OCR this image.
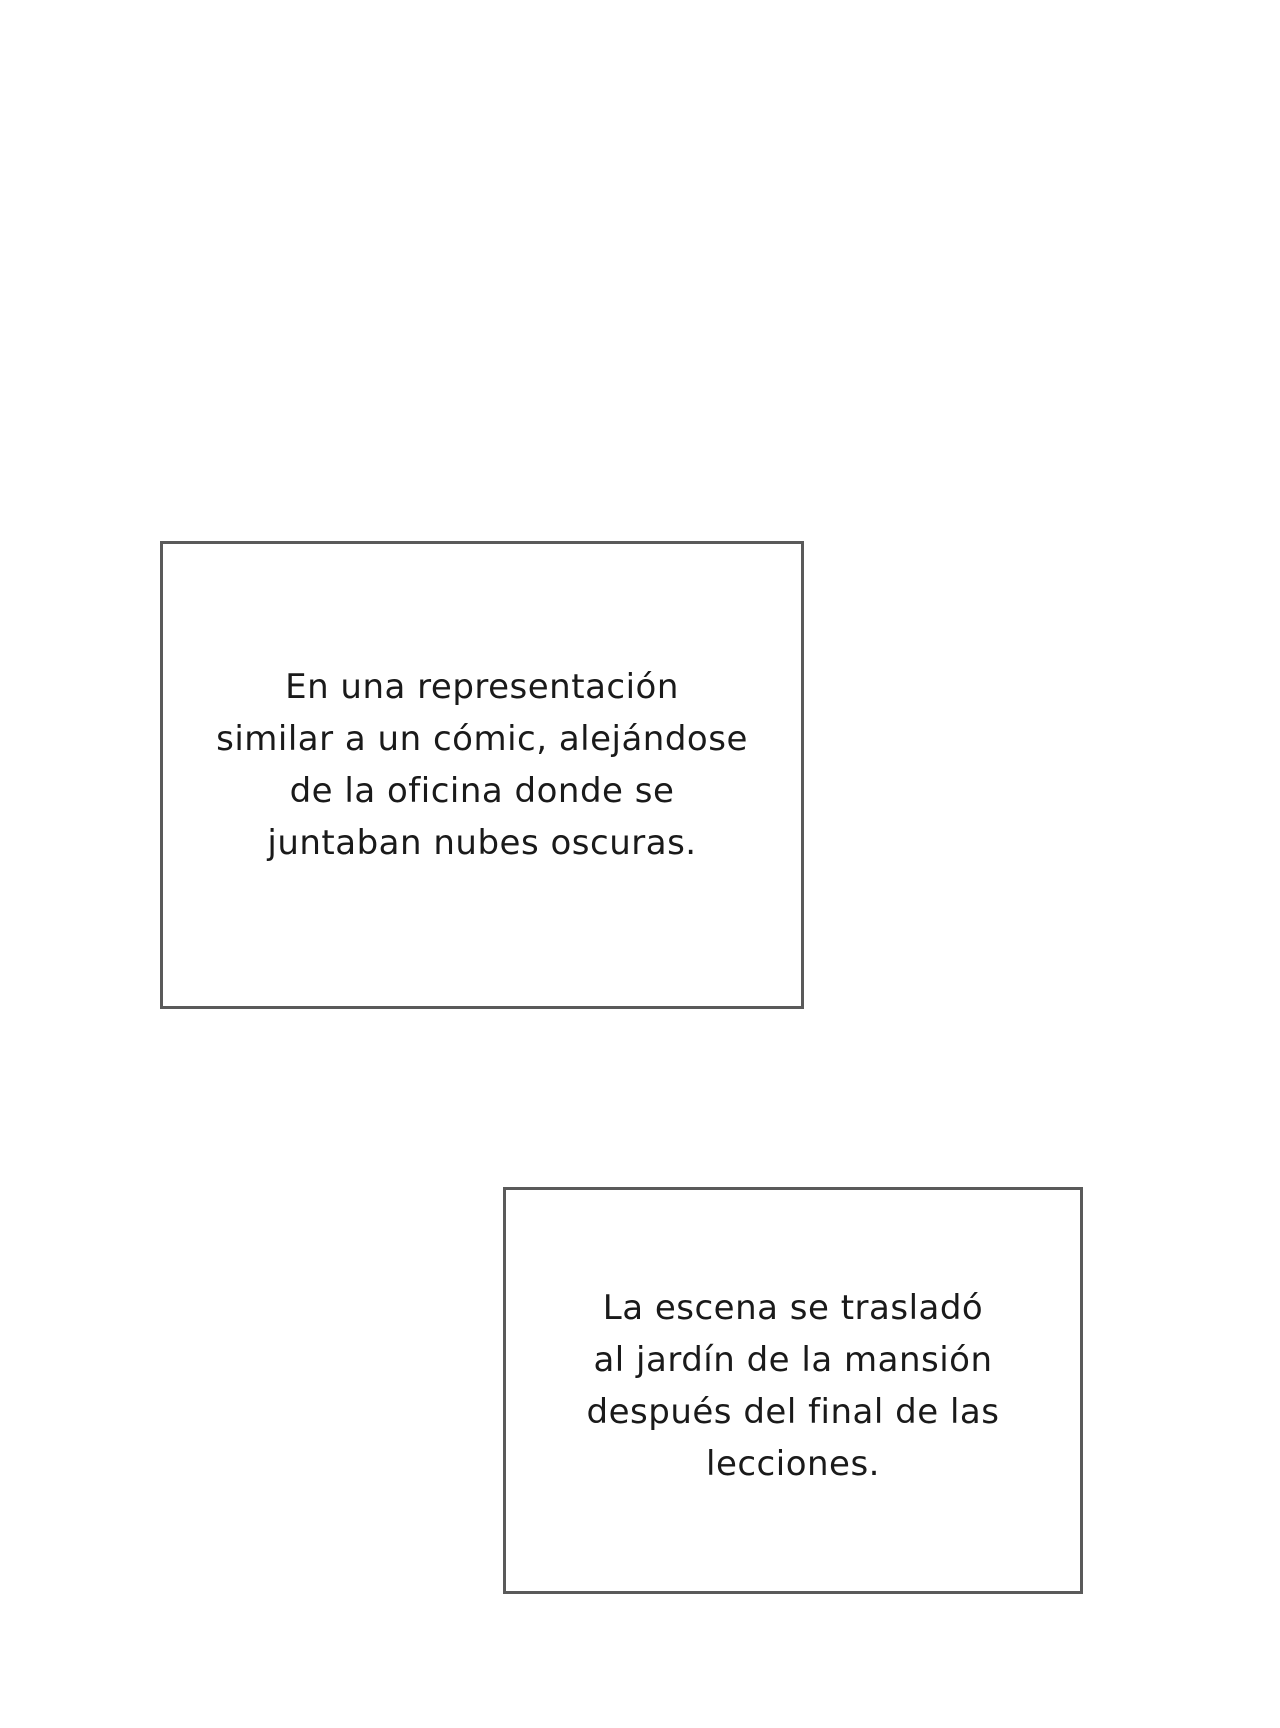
En una representación
similar a un cómic, alejándose
de la oficina donde se
juntaban nubes oscuras.

La escena se trasladó
al jardín de la mansión
después del final de las
lecciones.
